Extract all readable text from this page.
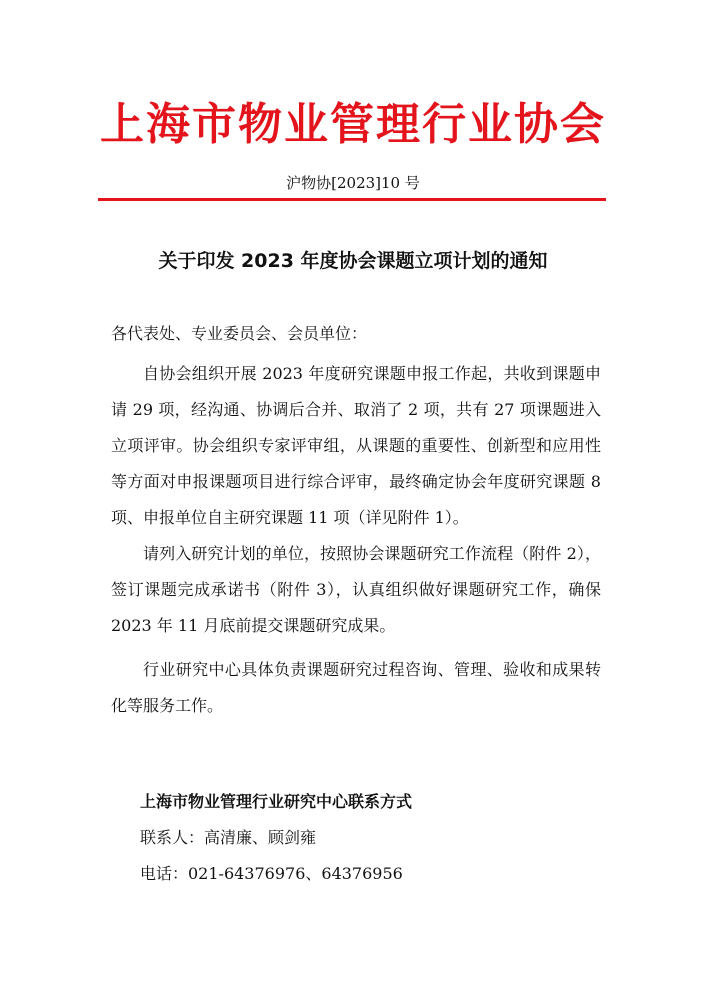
上海市物业管理行业协会
沪物协[2023]10 号
关于印发 2023 年度协会课题立项计划的通知
各代表处、专业委员会、会员单位：

自协会组织开展 2023 年度研究课题申报工作起，共收到课题申请 29 项，经沟通、协调后合并、取消了 2 项，共有 27 项课题进入立项评审。协会组织专家评审组，从课题的重要性、创新型和应用性等方面对申报课题项目进行综合评审，最终确定协会年度研究课题 8 项、申报单位自主研究课题 11 项（详见附件 1）。

请列入研究计划的单位，按照协会课题研究工作流程（附件 2），签订课题完成承诺书（附件 3），认真组织做好课题研究工作，确保 2023 年 11 月底前提交课题研究成果。

行业研究中心具体负责课题研究过程咨询、管理、验收和成果转化等服务工作。

上海市物业管理行业研究中心联系方式
联系人：高清廉、顾剑雍
电话：021-64376976、64376956
